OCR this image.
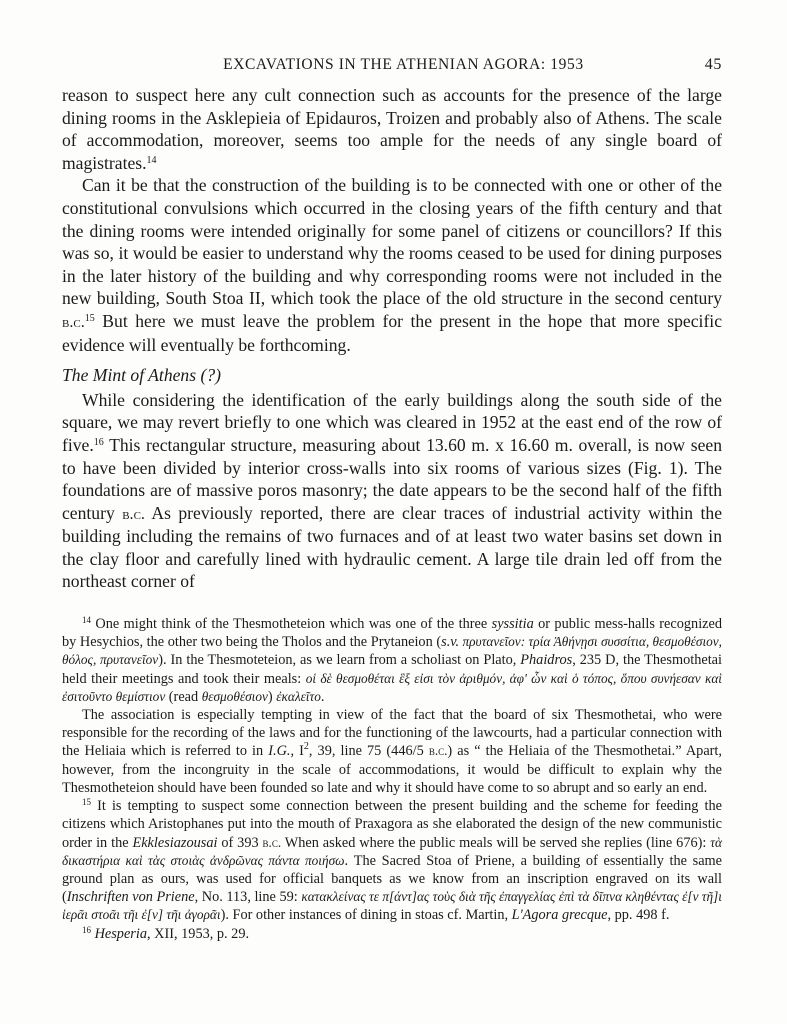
EXCAVATIONS IN THE ATHENIAN AGORA: 1953	45

reason to suspect here any cult connection such as accounts for the presence of the large dining rooms in the Asklepieia of Epidauros, Troizen and probably also of Athens. The scale of accommodation, moreover, seems too ample for the needs of any single board of magistrates.$^{14}$

Can it be that the construction of the building is to be connected with one or other of the constitutional convulsions which occurred in the closing years of the fifth century and that the dining rooms were intended originally for some panel of citizens or councillors? If this was so, it would be easier to understand why the rooms ceased to be used for dining purposes in the later history of the building and why corresponding rooms were not included in the new building, South Stoa II, which took the place of the old structure in the second century b.c.$^{15}$ But here we must leave the problem for the present in the hope that more specific evidence will eventually be forthcoming.

The Mint of Athens (?)

While considering the identification of the early buildings along the south side of the square, we may revert briefly to one which was cleared in 1952 at the east end of the row of five.$^{16}$ This rectangular structure, measuring about 13.60 m. x 16.60 m. overall, is now seen to have been divided by interior cross-walls into six rooms of various sizes (Fig. 1). The foundations are of massive poros masonry; the date appears to be the second half of the fifth century b.c. As previously reported, there are clear traces of industrial activity within the building including the remains of two furnaces and of at least two water basins set down in the clay floor and carefully lined with hydraulic cement. A large tile drain led off from the northeast corner of

$^{14}$ One might think of the Thesmotheteion which was one of the three syssitia or public mess-halls recognized by Hesychios, the other two being the Tholos and the Prytaneion (s.v. πρυτανεῖον: τρία Ἀθήνῃσι συσσίτια, θεσμοθέσιον, θόλος, πρυτανεῖον). In the Thesmoteteion, as we learn from a scholiast on Plato, Phaidros, 235 D, the Thesmothetai held their meetings and took their meals: οἱ δὲ θεσμοθέται ἓξ εἰσι τὸν ἀριθμόν, ἀφ' ὧν καὶ ὁ τόπος, ὅπου συνήεσαν καὶ ἐσιτοῦντο θεμίστιον (read θεσμοθέσιον) ἐκαλεῖτο.

The association is especially tempting in view of the fact that the board of six Thesmothetai, who were responsible for the recording of the laws and for the functioning of the lawcourts, had a particular connection with the Heliaia which is referred to in I.G., $I^2$, 39, line 75 (446/5 b.c.) as “ the Heliaia of the Thesmothetai.” Apart, however, from the incongruity in the scale of accommodations, it would be difficult to explain why the Thesmotheteion should have been founded so late and why it should have come to so abrupt and so early an end.

$^{15}$ It is tempting to suspect some connection between the present building and the scheme for feeding the citizens which Aristophanes put into the mouth of Praxagora as she elaborated the design of the new communistic order in the Ekklesiazousai of 393 b.c. When asked where the public meals will be served she replies (line 676): τὰ δικαστήρια καὶ τὰς στοιὰς ἀνδρῶνας πάντα ποιήσω. The Sacred Stoa of Priene, a building of essentially the same ground plan as ours, was used for official banquets as we know from an inscription engraved on its wall (Inschriften von Priene, No. 113, line 59: κατακλείνας τε π[άντ]ας τοὺς διὰ τῆς ἐπαγγελίας ἐπὶ τὰ δῖπνα κληθέντας ἐ[ν τῆ]ι ἱερᾶι στοᾶι τῆι ἐ[ν] τῆι ἀγορᾶι). For other instances of dining in stoas cf. Martin, L'Agora grecque, pp. 498 f.

$^{16}$ Hesperia, XII, 1953, p. 29.
